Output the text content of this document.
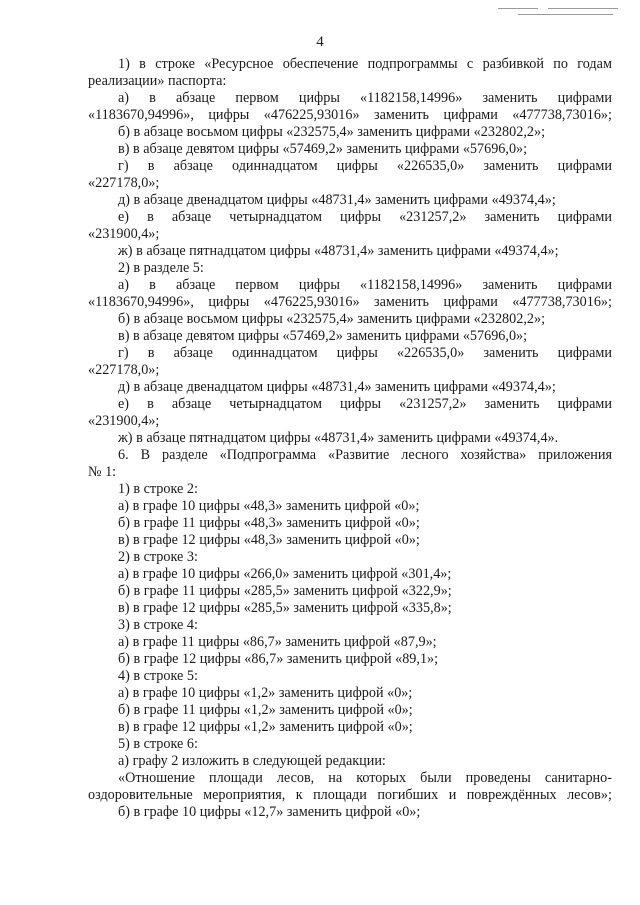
4
1) в строке «Ресурсное обеспечение подпрограммы с разбивкой по годам
реализации» паспорта:
а) в абзаце первом цифры «1182158,14996» заменить цифрами
«1183670,94996», цифры «476225,93016» заменить цифрами «477738,73016»;
б) в абзаце восьмом цифры «232575,4» заменить цифрами «232802,2»;
в) в абзаце девятом цифры «57469,2» заменить цифрами «57696,0»;
г) в абзаце одиннадцатом цифры «226535,0» заменить цифрами
«227178,0»;
д) в абзаце двенадцатом цифры «48731,4» заменить цифрами «49374,4»;
е) в абзаце четырнадцатом цифры «231257,2» заменить цифрами
«231900,4»;
ж) в абзаце пятнадцатом цифры «48731,4» заменить цифрами «49374,4»;
2) в разделе 5:
а) в абзаце первом цифры «1182158,14996» заменить цифрами
«1183670,94996», цифры «476225,93016» заменить цифрами «477738,73016»;
б) в абзаце восьмом цифры «232575,4» заменить цифрами «232802,2»;
в) в абзаце девятом цифры «57469,2» заменить цифрами «57696,0»;
г) в абзаце одиннадцатом цифры «226535,0» заменить цифрами
«227178,0»;
д) в абзаце двенадцатом цифры «48731,4» заменить цифрами «49374,4»;
е) в абзаце четырнадцатом цифры «231257,2» заменить цифрами
«231900,4»;
ж) в абзаце пятнадцатом цифры «48731,4» заменить цифрами «49374,4».
6. В разделе «Подпрограмма «Развитие лесного хозяйства» приложения
№ 1:
1) в строке 2:
а) в графе 10 цифры «48,3» заменить цифрой «0»;
б) в графе 11 цифры «48,3» заменить цифрой «0»;
в) в графе 12 цифры «48,3» заменить цифрой «0»;
2) в строке 3:
а) в графе 10 цифры «266,0» заменить цифрой «301,4»;
б) в графе 11 цифры «285,5» заменить цифрой «322,9»;
в) в графе 12 цифры «285,5» заменить цифрой «335,8»;
3) в строке 4:
а) в графе 11 цифры «86,7» заменить цифрой «87,9»;
б) в графе 12 цифры «86,7» заменить цифрой «89,1»;
4) в строке 5:
а) в графе 10 цифры «1,2» заменить цифрой «0»;
б) в графе 11 цифры «1,2» заменить цифрой «0»;
в) в графе 12 цифры «1,2» заменить цифрой «0»;
5) в строке 6:
а) графу 2 изложить в следующей редакции:
«Отношение площади лесов, на которых были проведены санитарно-
оздоровительные мероприятия, к площади погибших и повреждённых лесов»;
б) в графе 10 цифры «12,7» заменить цифрой «0»;
